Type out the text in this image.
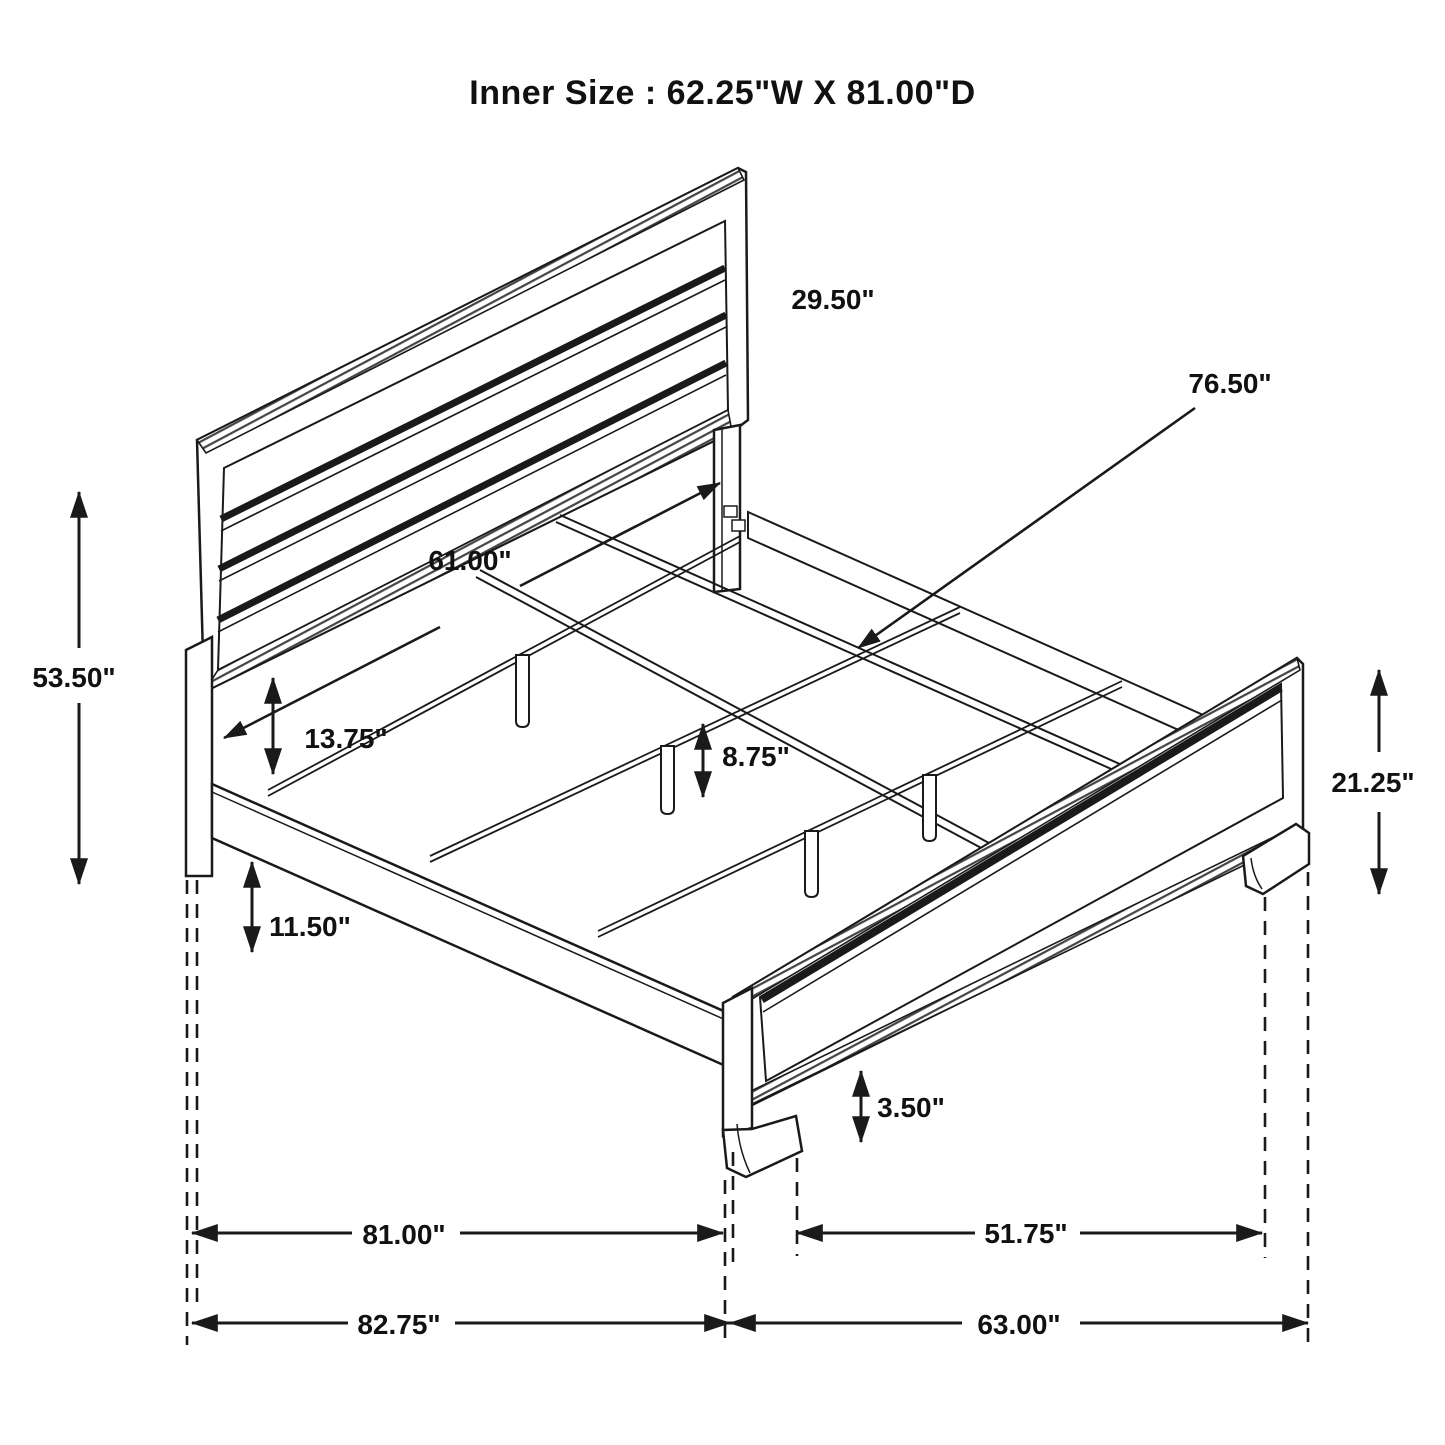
Inner Size : 62.25"W X 81.00"D
29.50"
76.50"
61.00"
53.50"
13.75"
8.75"
21.25"
11.50"
3.50"
81.00"	51.75"
82.75"	63.00"
